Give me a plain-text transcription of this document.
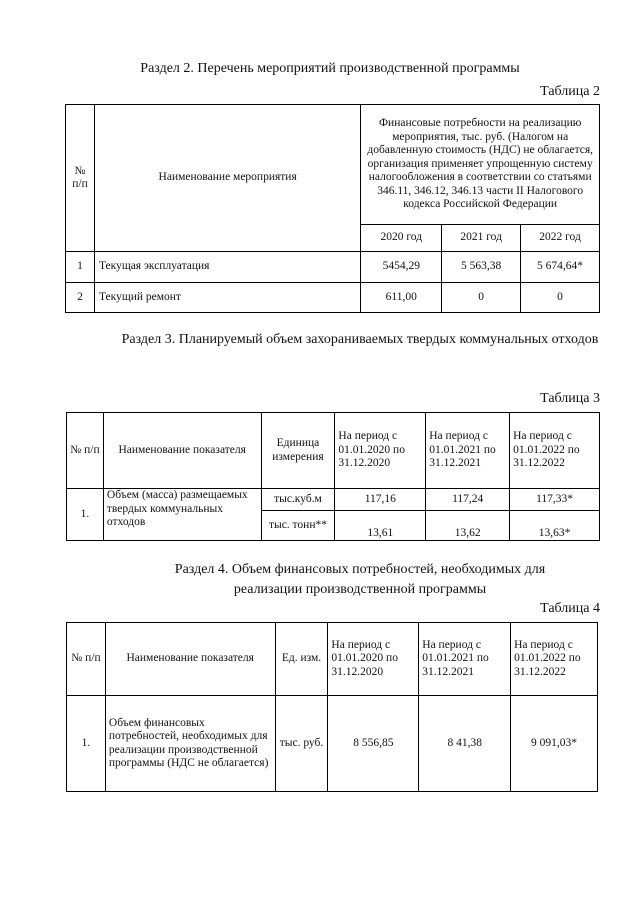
Раздел 2. Перечень мероприятий производственной программы
Таблица 2
№ п/п	Наименование мероприятия	Финансовые потребности на реализацию мероприятия, тыс. руб. (Налогом на добавленную стоимость (НДС) не облагается, организация применяет упрощенную систему налогообложения в соответствии со статьями 346.11, 346.12, 346.13 части II Налогового кодекса Российской Федерации		
		2020 год	2021 год	2022 год
1	Текущая эксплуатация	5454,29	5 563,38	5 674,64*
2	Текущий ремонт	611,00	0	0
Раздел 3. Планируемый объем захораниваемых твердых коммунальных отходов
Таблица 3
№ п/п	Наименование показателя	Единица измерения	На период с 01.01.2020 по 31.12.2020	На период с 01.01.2021 по 31.12.2021	На период с 01.01.2022 по 31.12.2022
1.	Объем (масса) размещаемых твердых коммунальных отходов	тыс.куб.м	117,16	117,24	117,33*
		тыс. тонн**	13,61	13,62	13,63*
Раздел 4. Объем финансовых потребностей, необходимых для реализации производственной программы
Таблица 4
№ п/п	Наименование показателя	Ед. изм.	На период с 01.01.2020 по 31.12.2020	На период с 01.01.2021 по 31.12.2021	На период с 01.01.2022 по 31.12.2022
1.	Объем финансовых потребностей, необходимых для реализации производственной программы (НДС не облагается)	тыс. руб.	8 556,85	8 41,38	9 091,03*
